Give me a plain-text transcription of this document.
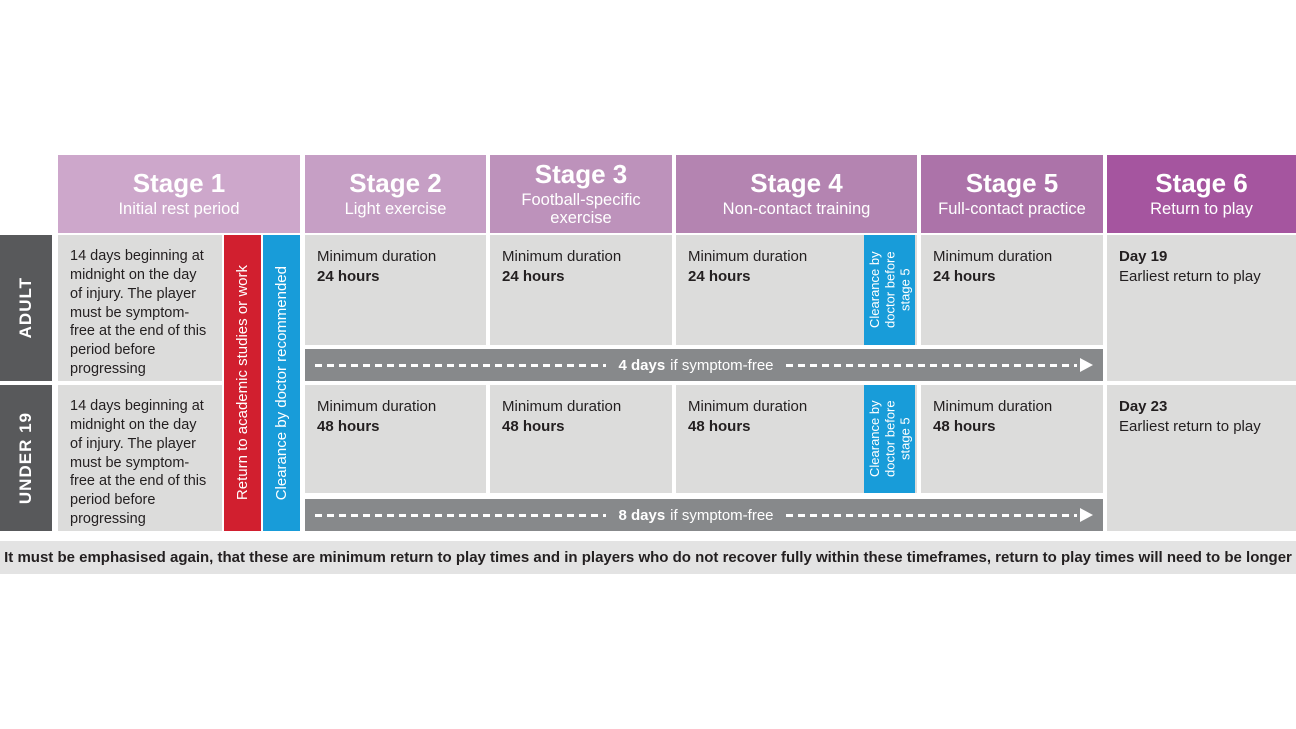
Stage 1
Initial rest period
Stage 2
Light exercise
Stage 3
Football-specific exercise
Stage 4
Non-contact training
Stage 5
Full-contact practice
Stage 6
Return to play
ADULT
UNDER 19
14 days beginning at midnight on the day of injury. The player must be symptom-free at the end of this period before progressing
Minimum duration
24 hours
Minimum duration
24 hours
Minimum duration
24 hours
Minimum duration
24 hours
Day 19
Earliest return to play
Clearance by doctor before stage 5
4 days if symptom-free
14 days beginning at midnight on the day of injury. The player must be symptom-free at the end of this period before progressing
Minimum duration
48 hours
Minimum duration
48 hours
Minimum duration
48 hours
Minimum duration
48 hours
Day 23
Earliest return to play
Clearance by doctor before stage 5
8 days if symptom-free
Return to academic studies or work Clearance by doctor recommended
It must be emphasised again, that these are minimum return to play times and in players who do not recover fully within these timeframes, return to play times will need to be longer
